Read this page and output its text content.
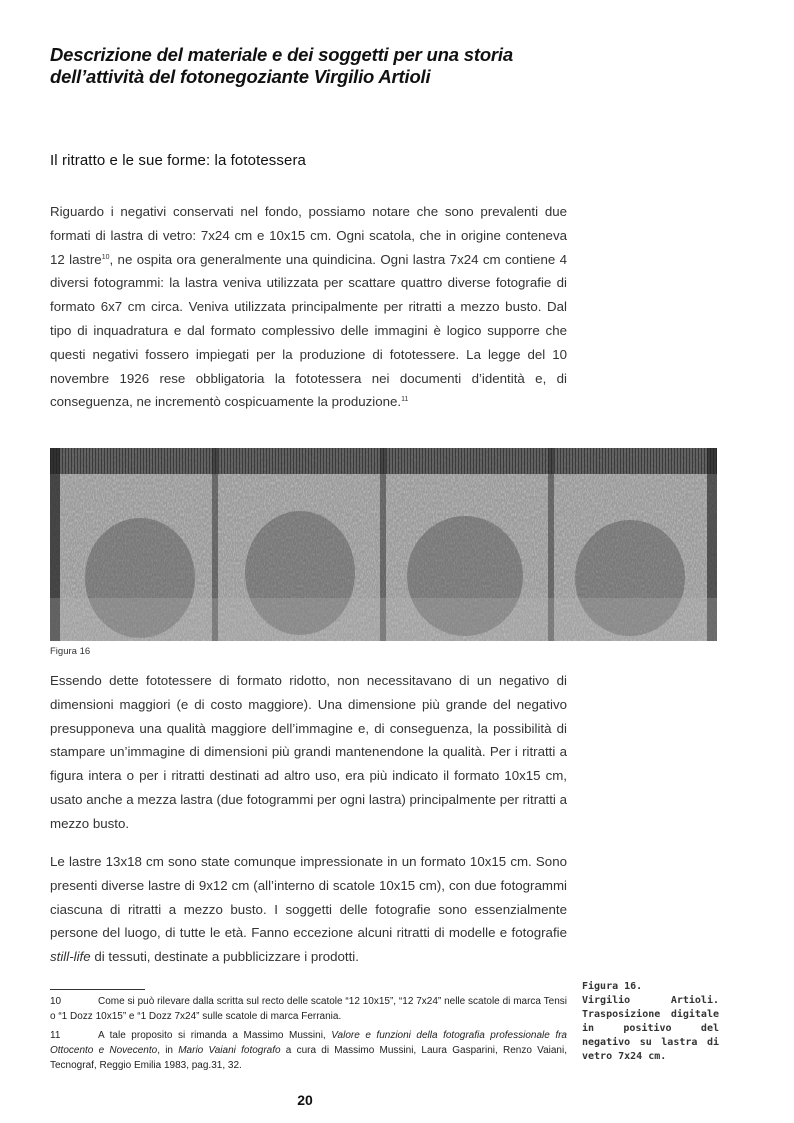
Descrizione del materiale e dei soggetti per una storia
dell’attività del fotonegoziante Virgilio Artioli
Il ritratto e le sue forme: la fototessera

Riguardo i negativi conservati nel fondo, possiamo notare che sono prevalenti due formati di lastra di vetro: 7x24 cm e 10x15 cm. Ogni scatola, che in origine conteneva 12 lastre$^{10}$, ne ospita ora generalmente una quindicina. Ogni lastra 7x24 cm contiene 4 diversi fotogrammi: la lastra veniva utilizzata per scattare quattro diverse fotografie di formato 6x7 cm circa. Veniva utilizzata principalmente per ritratti a mezzo busto. Dal tipo di inquadratura e dal formato complessivo delle immagini è logico supporre che questi negativi fossero impiegati per la produzione di fototessere. La legge del 10 novembre 1926 rese obbligatoria la fototessera nei documenti d’identità e, di conseguenza, ne incrementò cospicuamente la produzione.$^{11}$

Figura 16

Essendo dette fototessere di formato ridotto, non necessitavano di un negativo di dimensioni maggiori (e di costo maggiore). Una dimensione più grande del negativo presupponeva una qualità maggiore dell’immagine e, di conseguenza, la possibilità di stampare un’immagine di dimensioni più grandi mantenendone la qualità. Per i ritratti a figura intera o per i ritratti destinati ad altro uso, era più indicato il formato 10x15 cm, usato anche a mezza lastra (due fotogrammi per ogni lastra) principalmente per ritratti a mezzo busto.

Le lastre 13x18 cm sono state comunque impressionate in un formato 10x15 cm. Sono presenti diverse lastre di 9x12 cm (all’interno di scatole 10x15 cm), con due fotogrammi ciascuna di ritratti a mezzo busto. I soggetti delle fotografie sono essenzialmente persone del luogo, di tutte le età. Fanno eccezione alcuni ritratti di modelle e fotografie still-life di tessuti, destinate a pubblicizzare i prodotti.

10	Come si può rilevare dalla scritta sul recto delle scatole “12 10x15”, “12 7x24” nelle scatole di marca Tensi o “1 Dozz 10x15” e “1 Dozz 7x24” sulle scatole di marca Ferrania.

11	A tale proposito si rimanda a Massimo Mussini, Valore e funzioni della fotografia professionale fra Ottocento e Novecento, in Mario Vaiani fotografo a cura di Massimo Mussini, Laura Gasparini, Renzo Vaiani, Tecnograf, Reggio Emilia 1983, pag.31, 32.

Figura 16.
Virgilio Artioli. Trasposizione digitale in positivo del negativo su lastra di vetro 7x24 cm.
20
